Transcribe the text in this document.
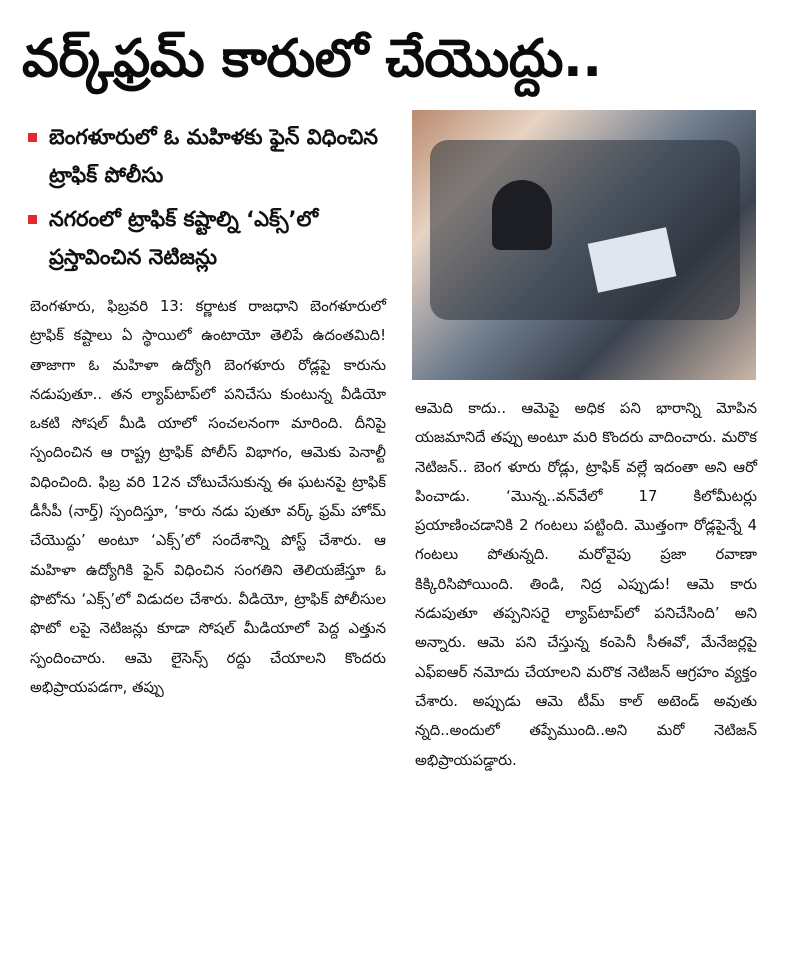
వర్క్‌ఫ్రమ్ కారులో చేయొద్దు..
బెంగళూరులో ఓ మహిళకు ఫైన్ విధించిన ట్రాఫిక్ పోలీసు
నగరంలో ట్రాఫిక్ కష్టాల్ని ‘ఎక్స్’లో ప్రస్తావించిన నెటిజన్లు

బెంగళూరు, ఫిబ్రవరి 13: కర్ణాటక రాజధాని బెంగళూరులో ట్రాఫిక్ కష్టాలు ఏ స్థాయిలో ఉంటాయో తెలిపే ఉదంతమిది! తాజాగా ఓ మహిళా ఉద్యోగి బెంగళూరు రోడ్లపై కారును నడుపుతూ.. తన ల్యాప్‌టాప్‌లో పనిచేసు కుంటున్న వీడియో ఒకటి సోషల్ మీడి యాలో సంచలనంగా మారింది. దీనిపై స్పందించిన ఆ రాష్ట్ర ట్రాఫిక్ పోలీస్ విభాగం, ఆమెకు పెనాల్టీ విధించింది. ఫిబ్ర వరి 12న చోటుచేసుకున్న ఈ ఘటనపై ట్రాఫిక్ డీసీపీ (నార్త్) స్పందిస్తూ, ‘కారు నడు పుతూ వర్క్ ఫ్రమ్ హోమ్ చేయొద్దు’ అంటూ ‘ఎక్స్’లో సందేశాన్ని పోస్ట్ చేశారు. ఆ మహిళా ఉద్యోగికి ఫైన్ విధించిన సంగతిని తెలియజేస్తూ ఓ ఫొటోను ‘ఎక్స్’లో విడుదల చేశారు. వీడియో, ట్రాఫిక్ పోలీసుల ఫొటో లపై నెటిజన్లు కూడా సోషల్ మీడియాలో పెద్ద ఎత్తున స్పందించారు. ఆమె లైసెన్స్ రద్దు చేయాలని కొందరు అభిప్రాయపడగా, తప్పు

ఆమెది కాదు.. ఆమెపై అధిక పని భారాన్ని మోపిన యజమానిదే తప్పు అంటూ మరి కొందరు వాదించారు. మరొక నెటిజన్.. బెంగ ళూరు రోడ్లు, ట్రాఫిక్ వల్లే ఇదంతా అని ఆరో పించాడు. ‘మొన్న..వన్‌వేలో 17 కిలోమీటర్లు ప్రయాణించడానికి 2 గంటలు పట్టింది. మొత్తంగా రోడ్లపైన్నే 4 గంటలు పోతున్నది. మరోవైపు ప్రజా రవాణా కిక్కిరిసిపోయింది. తిండి, నిద్ర ఎప్పుడు! ఆమె కారు నడుపుతూ తప్పనిసరై ల్యాప్‌టాప్‌లో పనిచేసింది’ అని అన్నారు. ఆమె పని చేస్తున్న కంపెనీ సీఈవో, మేనేజర్లపై ఎఫ్ఐఆర్ నమోదు చేయాలని మరొక నెటిజన్ ఆగ్రహం వ్యక్తం చేశారు. అప్పుడు ఆమె టీమ్ కాల్ అటెండ్ అవుతు న్నది..అందులో తప్పేముంది..అని మరో నెటిజన్ అభిప్రాయపడ్డారు.
